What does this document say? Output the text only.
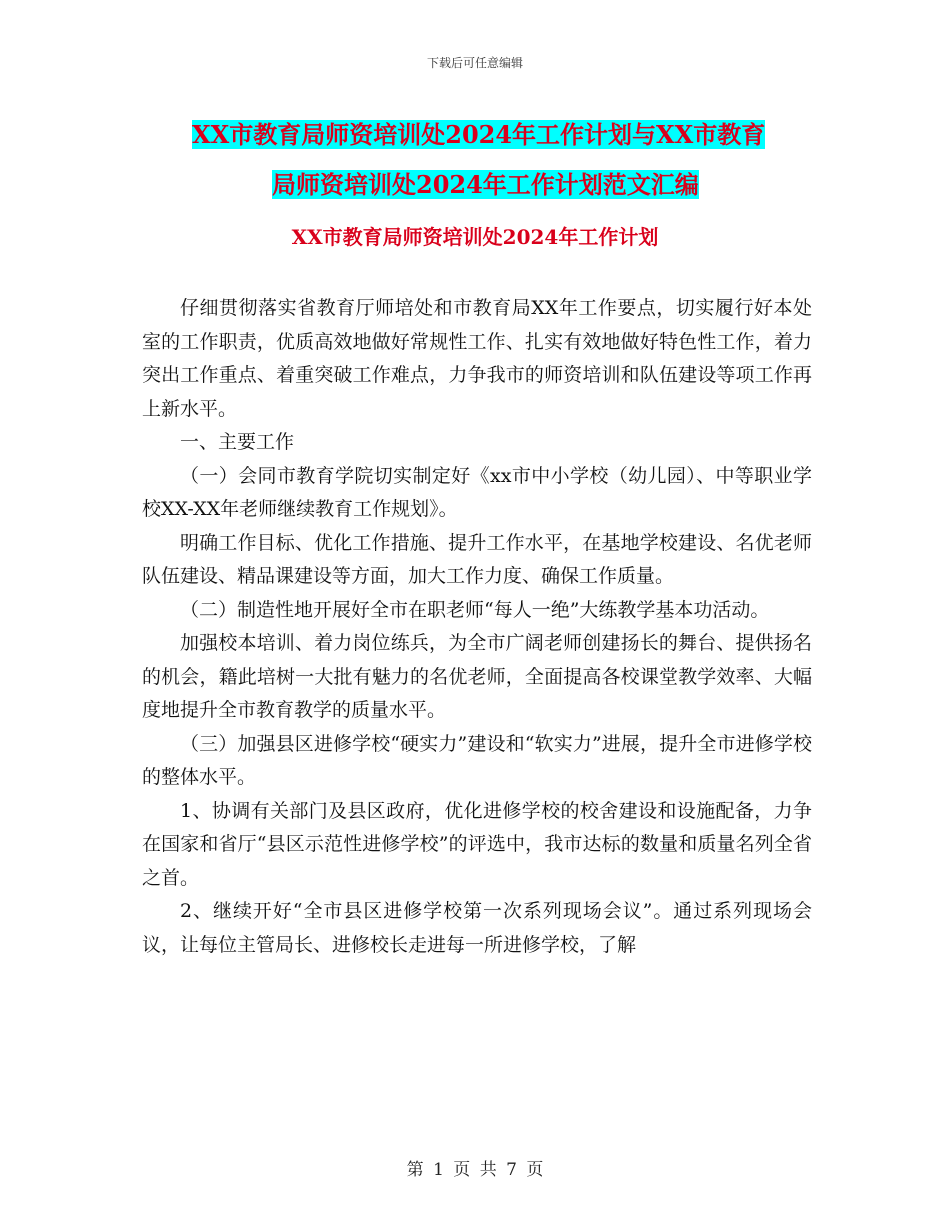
下载后可任意编辑
XX市教育局师资培训处2024年工作计划与XX市教育
局师资培训处2024年工作计划范文汇编
XX市教育局师资培训处2024年工作计划

仔细贯彻落实省教育厅师培处和市教育局XX年工作要点，切实履行好本处室的工作职责，优质高效地做好常规性工作、扎实有效地做好特色性工作，着力突出工作重点、着重突破工作难点，力争我市的师资培训和队伍建设等项工作再上新水平。

一、主要工作

（一）会同市教育学院切实制定好《xx市中小学校（幼儿园）、中等职业学校XX-XX年老师继续教育工作规划》。

明确工作目标、优化工作措施、提升工作水平，在基地学校建设、名优老师队伍建设、精品课建设等方面，加大工作力度、确保工作质量。

（二）制造性地开展好全市在职老师“每人一绝”大练教学基本功活动。

加强校本培训、着力岗位练兵，为全市广阔老师创建扬长的舞台、提供扬名的机会，籍此培树一大批有魅力的名优老师，全面提高各校课堂教学效率、大幅度地提升全市教育教学的质量水平。

（三）加强县区进修学校“硬实力”建设和“软实力”进展，提升全市进修学校的整体水平。

1、协调有关部门及县区政府，优化进修学校的校舍建设和设施配备，力争在国家和省厅“县区示范性进修学校”的评选中，我市达标的数量和质量名列全省之首。

2、继续开好“全市县区进修学校第一次系列现场会议”。通过系列现场会议，让每位主管局长、进修校长走进每一所进修学校，了解

第 1 页 共 7 页
